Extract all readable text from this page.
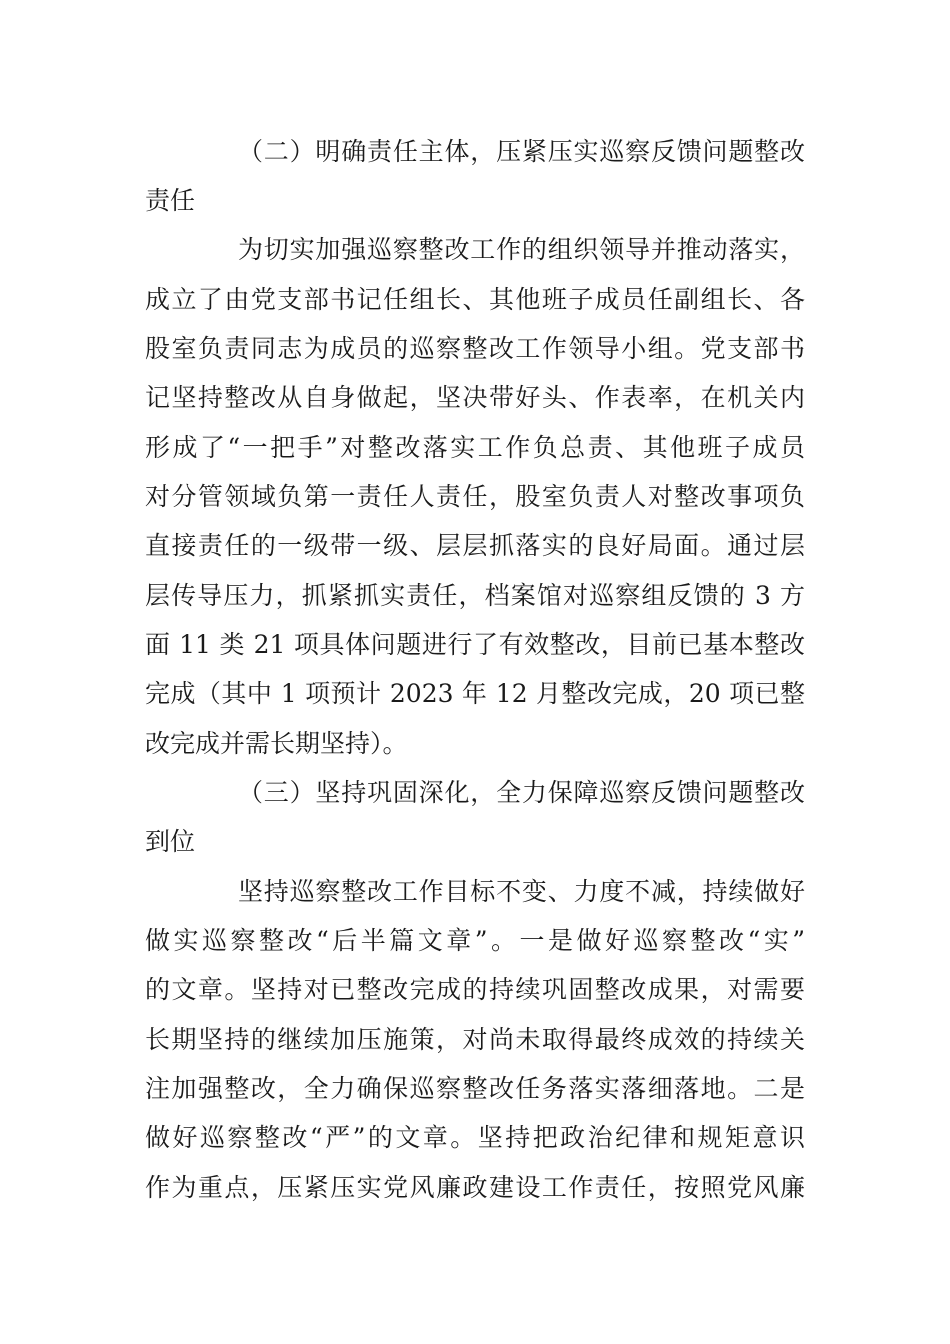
（二）明确责任主体，压紧压实巡察反馈问题整改
责任
为切实加强巡察整改工作的组织领导并推动落实，
成立了由党支部书记任组长、其他班子成员任副组长、各
股室负责同志为成员的巡察整改工作领导小组。党支部书
记坚持整改从自身做起，坚决带好头、作表率，在机关内
形成了“一把手”对整改落实工作负总责、其他班子成员
对分管领域负第一责任人责任，股室负责人对整改事项负
直接责任的一级带一级、层层抓落实的良好局面。通过层
层传导压力，抓紧抓实责任，档案馆对巡察组反馈的 3 方
面 11 类 21 项具体问题进行了有效整改，目前已基本整改
完成（其中 1 项预计 2023 年 12 月整改完成，20 项已整
改完成并需长期坚持）。
（三）坚持巩固深化，全力保障巡察反馈问题整改
到位
坚持巡察整改工作目标不变、力度不减，持续做好
做实巡察整改“后半篇文章”。一是做好巡察整改“实”
的文章。坚持对已整改完成的持续巩固整改成果，对需要
长期坚持的继续加压施策，对尚未取得最终成效的持续关
注加强整改，全力确保巡察整改任务落实落细落地。二是
做好巡察整改“严”的文章。坚持把政治纪律和规矩意识
作为重点，压紧压实党风廉政建设工作责任，按照党风廉
